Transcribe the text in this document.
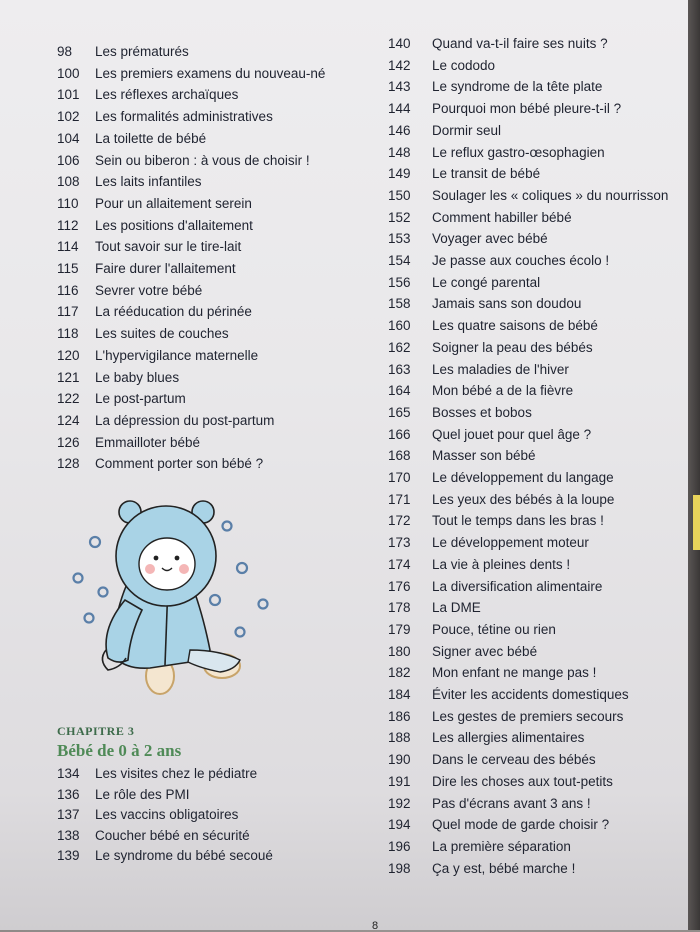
98 Les prématurés
100 Les premiers examens du nouveau-né
101 Les réflexes archaïques
102 Les formalités administratives
104 La toilette de bébé
106 Sein ou biberon : à vous de choisir !
108 Les laits infantiles
110 Pour un allaitement serein
112 Les positions d'allaitement
114 Tout savoir sur le tire-lait
115 Faire durer l'allaitement
116 Sevrer votre bébé
117 La rééducation du périnée
118 Les suites de couches
120 L'hypervigilance maternelle
121 Le baby blues
122 Le post-partum
124 La dépression du post-partum
126 Emmailloter bébé
128 Comment porter son bébé ?
CHAPITRE 3
Bébé de 0 à 2 ans
134 Les visites chez le pédiatre
136 Le rôle des PMI
137 Les vaccins obligatoires
138 Coucher bébé en sécurité
139 Le syndrome du bébé secoué
140 Quand va-t-il faire ses nuits ?
142 Le cododo
143 Le syndrome de la tête plate
144 Pourquoi mon bébé pleure-t-il ?
146 Dormir seul
148 Le reflux gastro-œsophagien
149 Le transit de bébé
150 Soulager les « coliques » du nourrisson
152 Comment habiller bébé
153 Voyager avec bébé
154 Je passe aux couches écolo !
156 Le congé parental
158 Jamais sans son doudou
160 Les quatre saisons de bébé
162 Soigner la peau des bébés
163 Les maladies de l'hiver
164 Mon bébé a de la fièvre
165 Bosses et bobos
166 Quel jouet pour quel âge ?
168 Masser son bébé
170 Le développement du langage
171 Les yeux des bébés à la loupe
172 Tout le temps dans les bras !
173 Le développement moteur
174 La vie à pleines dents !
176 La diversification alimentaire
178 La DME
179 Pouce, tétine ou rien
180 Signer avec bébé
182 Mon enfant ne mange pas !
184 Éviter les accidents domestiques
186 Les gestes de premiers secours
188 Les allergies alimentaires
190 Dans le cerveau des bébés
191 Dire les choses aux tout-petits
192 Pas d'écrans avant 3 ans !
194 Quel mode de garde choisir ?
196 La première séparation
198 Ça y est, bébé marche !
8
